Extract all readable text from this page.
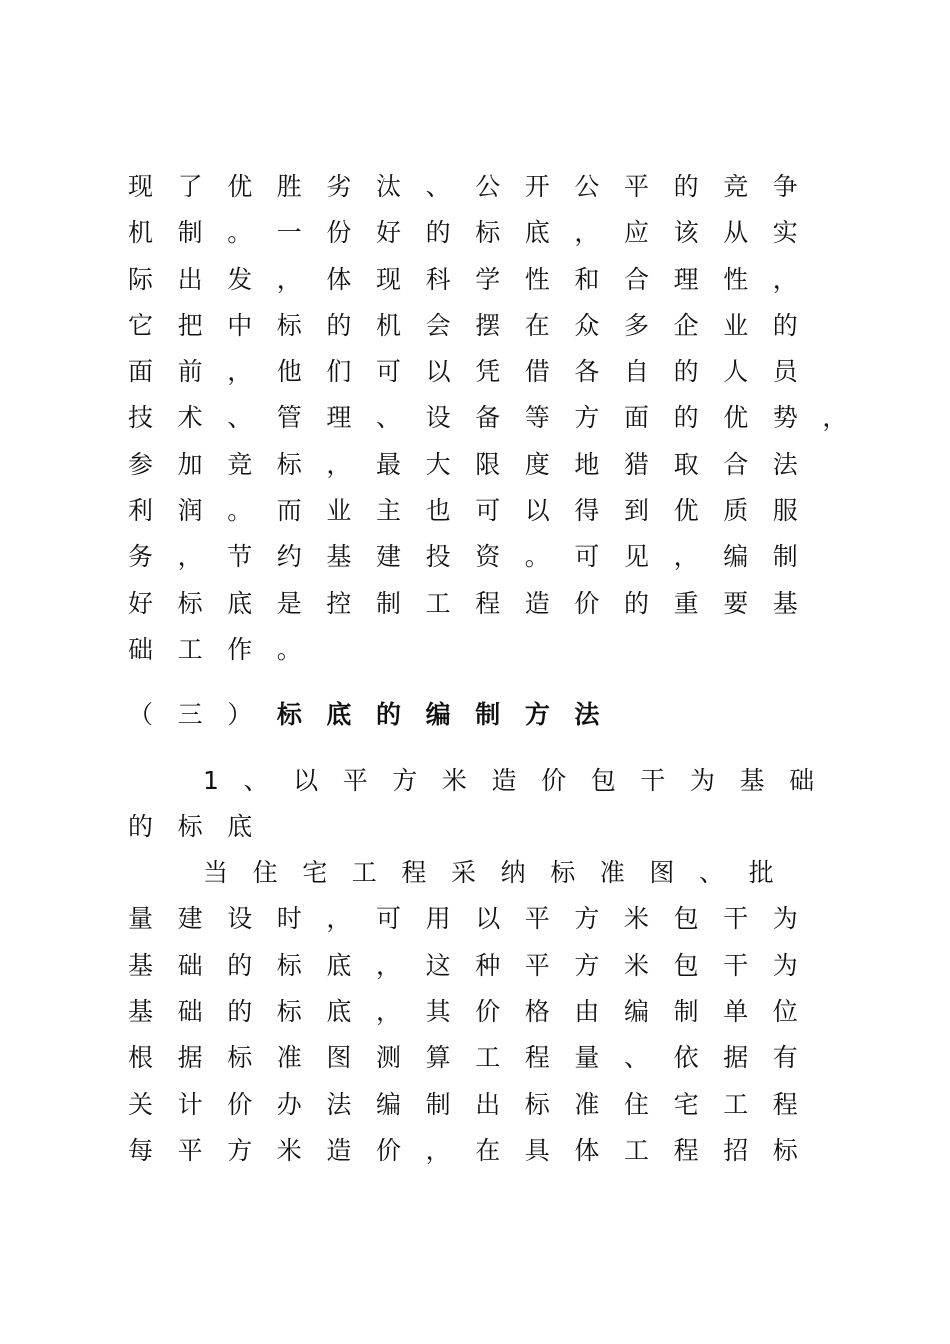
现了优胜劣汰、公开公平的竞争
机制。一份好的标底，应该从实
际出发，体现科学性和合理性，
它把中标的机会摆在众多企业的
面前，他们可以凭借各自的人员
技术、管理、设备等方面的优势，
参加竞标，最大限度地猎取合法
利润。而业主也可以得到优质服
务，节约基建投资。可见，编制
好标底是控制工程造价的重要基
础工作。
（三）标底的编制方法
1、以平方米造价包干为基础
的标底
当住宅工程采纳标准图、批
量建设时，可用以平方米包干为
基础的标底，这种平方米包干为
基础的标底，其价格由编制单位
根据标准图测算工程量、依据有
关计价办法编制出标准住宅工程
每平方米造价，在具体工程招标
